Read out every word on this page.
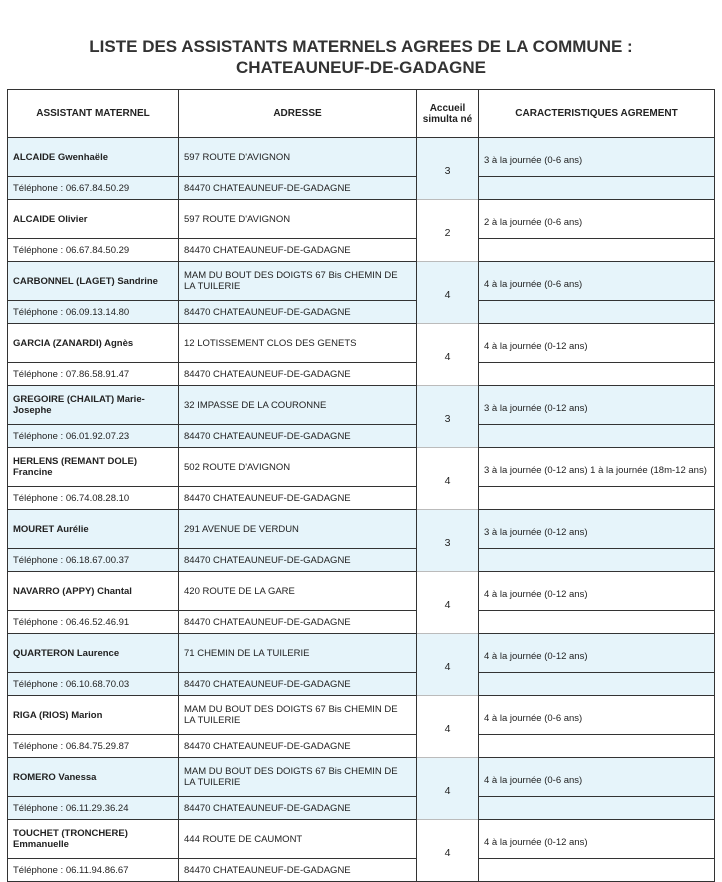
LISTE DES ASSISTANTS MATERNELS AGREES DE LA COMMUNE :
CHATEAUNEUF-DE-GADAGNE
ASSISTANT MATERNEL	ADRESSE	Accueil simulta né	CARACTERISTIQUES AGREMENT
ALCAIDE Gwenhaële	597 ROUTE D'AVIGNON	3	3 à la journée (0-6 ans)
Téléphone : 06.67.84.50.29	84470 CHATEAUNEUF-DE-GADAGNE		
ALCAIDE Olivier	597 ROUTE D'AVIGNON	2	2 à la journée (0-6 ans)
Téléphone : 06.67.84.50.29	84470 CHATEAUNEUF-DE-GADAGNE		
CARBONNEL (LAGET) Sandrine	MAM DU BOUT DES DOIGTS 67 Bis CHEMIN DE LA TUILERIE	4	4 à la journée (0-6 ans)
Téléphone : 06.09.13.14.80	84470 CHATEAUNEUF-DE-GADAGNE		
GARCIA (ZANARDI) Agnès	12 LOTISSEMENT CLOS DES GENETS	4	4 à la journée (0-12 ans)
Téléphone : 07.86.58.91.47	84470 CHATEAUNEUF-DE-GADAGNE		
GREGOIRE (CHAILAT) Marie-Josephe	32 IMPASSE DE LA COURONNE	3	3 à la journée (0-12 ans)
Téléphone : 06.01.92.07.23	84470 CHATEAUNEUF-DE-GADAGNE		
HERLENS (REMANT DOLE) Francine	502 ROUTE D'AVIGNON	4	3 à la journée (0-12 ans) 1 à la journée (18m-12 ans)
Téléphone : 06.74.08.28.10	84470 CHATEAUNEUF-DE-GADAGNE		
MOURET Aurélie	291 AVENUE DE VERDUN	3	3 à la journée (0-12 ans)
Téléphone : 06.18.67.00.37	84470 CHATEAUNEUF-DE-GADAGNE		
NAVARRO (APPY) Chantal	420 ROUTE DE LA GARE	4	4 à la journée (0-12 ans)
Téléphone : 06.46.52.46.91	84470 CHATEAUNEUF-DE-GADAGNE		
QUARTERON Laurence	71 CHEMIN DE LA TUILERIE	4	4 à la journée (0-12 ans)
Téléphone : 06.10.68.70.03	84470 CHATEAUNEUF-DE-GADAGNE		
RIGA (RIOS) Marion	MAM DU BOUT DES DOIGTS 67 Bis CHEMIN DE LA TUILERIE	4	4 à la journée (0-6 ans)
Téléphone : 06.84.75.29.87	84470 CHATEAUNEUF-DE-GADAGNE		
ROMERO Vanessa	MAM DU BOUT DES DOIGTS 67 Bis CHEMIN DE LA TUILERIE	4	4 à la journée (0-6 ans)
Téléphone : 06.11.29.36.24	84470 CHATEAUNEUF-DE-GADAGNE		
TOUCHET (TRONCHERE) Emmanuelle	444 ROUTE DE CAUMONT	4	4 à la journée (0-12 ans)
Téléphone : 06.11.94.86.67	84470 CHATEAUNEUF-DE-GADAGNE		
